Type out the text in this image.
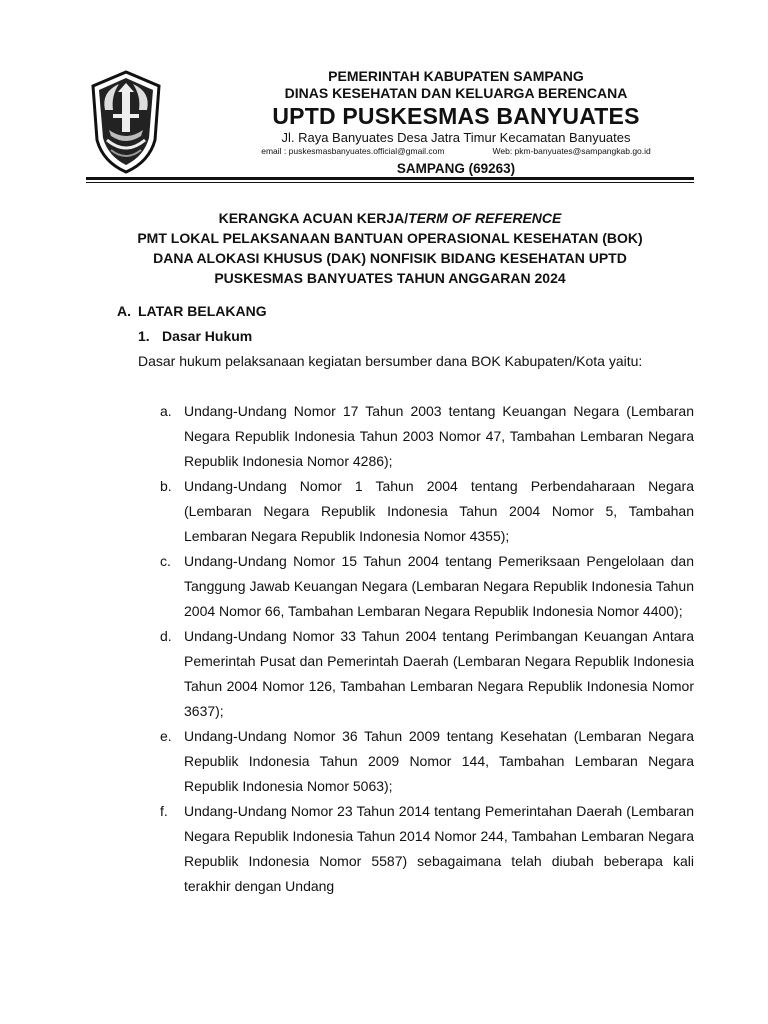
PEMERINTAH KABUPATEN SAMPANG
DINAS KESEHATAN DAN KELUARGA BERENCANA
UPTD PUSKESMAS BANYUATES
Jl. Raya Banyuates Desa Jatra Timur Kecamatan Banyuates
email : puskesmasbanyuates.official@gmail.com	Web: pkm-banyuates@sampangkab.go.id
SAMPANG (69263)
KERANGKA ACUAN KERJA/TERM OF REFERENCE
PMT LOKAL PELAKSANAAN BANTUAN OPERASIONAL KESEHATAN (BOK)
DANA ALOKASI KHUSUS (DAK) NONFISIK BIDANG KESEHATAN UPTD
PUSKESMAS BANYUATES TAHUN ANGGARAN 2024
A. LATAR BELAKANG
1. Dasar Hukum
Dasar hukum pelaksanaan kegiatan bersumber dana BOK Kabupaten/Kota yaitu:
a. Undang-Undang Nomor 17 Tahun 2003 tentang Keuangan Negara (Lembaran Negara Republik Indonesia Tahun 2003 Nomor 47, Tambahan Lembaran Negara Republik Indonesia Nomor 4286);
b. Undang-Undang Nomor 1 Tahun 2004 tentang Perbendaharaan Negara (Lembaran Negara Republik Indonesia Tahun 2004 Nomor 5, Tambahan Lembaran Negara Republik Indonesia Nomor 4355);
c. Undang-Undang Nomor 15 Tahun 2004 tentang Pemeriksaan Pengelolaan dan Tanggung Jawab Keuangan Negara (Lembaran Negara Republik Indonesia Tahun 2004 Nomor 66, Tambahan Lembaran Negara Republik Indonesia Nomor 4400);
d. Undang-Undang Nomor 33 Tahun 2004 tentang Perimbangan Keuangan Antara Pemerintah Pusat dan Pemerintah Daerah (Lembaran Negara Republik Indonesia Tahun 2004 Nomor 126, Tambahan Lembaran Negara Republik Indonesia Nomor 3637);
e. Undang-Undang Nomor 36 Tahun 2009 tentang Kesehatan (Lembaran Negara Republik Indonesia Tahun 2009 Nomor 144, Tambahan Lembaran Negara Republik Indonesia Nomor 5063);
f.	Undang-Undang Nomor 23 Tahun 2014 tentang Pemerintahan Daerah (Lembaran Negara Republik Indonesia Tahun 2014 Nomor 244, Tambahan Lembaran Negara Republik Indonesia Nomor 5587) sebagaimana telah diubah beberapa kali terakhir dengan Undang
